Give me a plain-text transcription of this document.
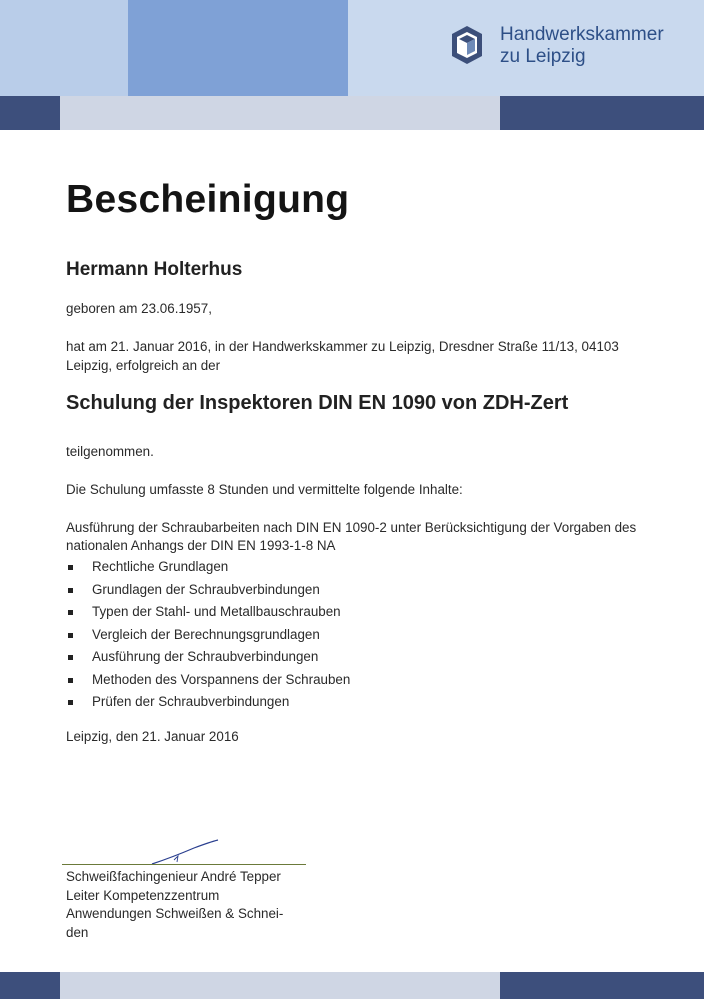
Handwerkskammer
zu Leipzig
Bescheinigung
Hermann Holterhus
geboren am 23.06.1957,
hat am 21. Januar 2016, in der Handwerkskammer zu Leipzig, Dresdner Straße 11/13, 04103
Leipzig, erfolgreich an der
Schulung der Inspektoren DIN EN 1090 von ZDH-Zert
teilgenommen.
Die Schulung umfasste 8 Stunden und vermittelte folgende Inhalte:
Ausführung der Schraubarbeiten nach DIN EN 1090-2 unter Berücksichtigung der Vorgaben des
nationalen Anhangs der DIN EN 1993-1-8 NA
Rechtliche Grundlagen
Grundlagen der Schraubverbindungen
Typen der Stahl- und Metallbauschrauben
Vergleich der Berechnungsgrundlagen
Ausführung der Schraubverbindungen
Methoden des Vorspannens der Schrauben
Prüfen der Schraubverbindungen
Leipzig, den 21. Januar 2016
Schweißfachingenieur André Tepper
Leiter Kompetenzzentrum
Anwendungen Schweißen & Schnei-
den
